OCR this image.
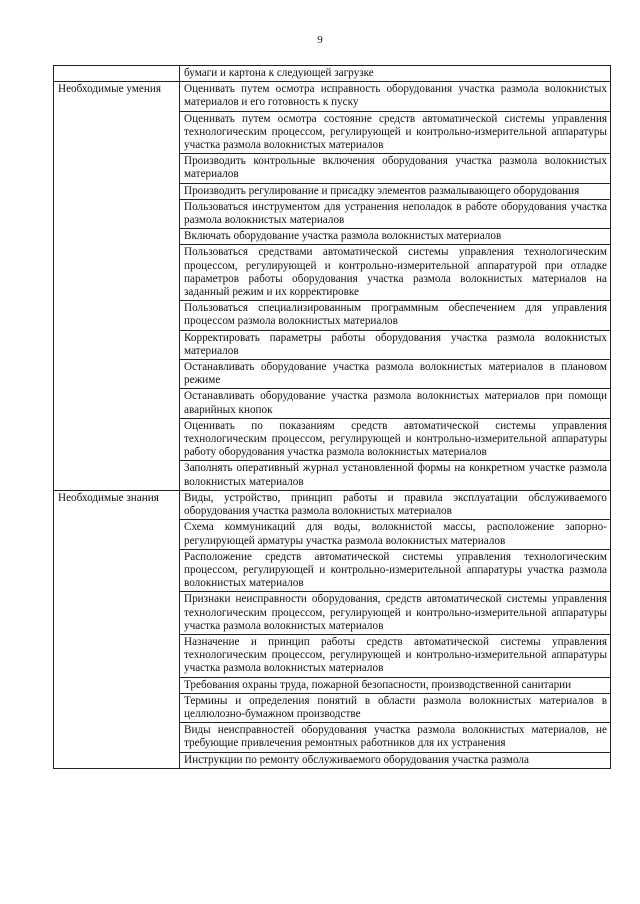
9
	бумаги и картона к следующей загрузке
Необходимые умения	Оценивать путем осмотра исправность оборудования участка размола волокнистых материалов и его готовность к пуску
	Оценивать путем осмотра состояние средств автоматической системы управления технологическим процессом, регулирующей и контрольно-измерительной аппаратуры участка размола волокнистых материалов
	Производить контрольные включения оборудования участка размола волокнистых материалов
	Производить регулирование и присадку элементов размалывающего оборудования
	Пользоваться инструментом для устранения неполадок в работе оборудования участка размола волокнистых материалов
	Включать оборудование участка размола волокнистых материалов
	Пользоваться средствами автоматической системы управления технологическим процессом, регулирующей и контрольно-измерительной аппаратурой при отладке параметров работы оборудования участка размола волокнистых материалов на заданный режим и их корректировке
	Пользоваться специализированным программным обеспечением для управления процессом размола волокнистых материалов
	Корректировать параметры работы оборудования участка размола волокнистых материалов
	Останавливать оборудование участка размола волокнистых материалов в плановом режиме
	Останавливать оборудование участка размола волокнистых материалов при помощи аварийных кнопок
	Оценивать по показаниям средств автоматической системы управления технологическим процессом, регулирующей и контрольно-измерительной аппаратуры работу оборудования участка размола волокнистых материалов
	Заполнять оперативный журнал установленной формы на конкретном участке размола волокнистых материалов
Необходимые знания	Виды, устройство, принцип работы и правила эксплуатации обслуживаемого оборудования участка размола волокнистых материалов
	Схема коммуникаций для воды, волокнистой массы, расположение запорно-регулирующей арматуры участка размола волокнистых материалов
	Расположение средств автоматической системы управления технологическим процессом, регулирующей и контрольно-измерительной аппаратуры участка размола волокнистых материалов
	Признаки неисправности оборудования, средств автоматической системы управления технологическим процессом, регулирующей и контрольно-измерительной аппаратуры участка размола волокнистых материалов
	Назначение и принцип работы средств автоматической системы управления технологическим процессом, регулирующей и контрольно-измерительной аппаратуры участка размола волокнистых материалов
	Требования охраны труда, пожарной безопасности, производственной санитарии
	Термины и определения понятий в области размола волокнистых материалов в целлюлозно-бумажном производстве
	Виды неисправностей оборудования участка размола волокнистых материалов, не требующие привлечения ремонтных работников для их устранения
	Инструкции по ремонту обслуживаемого оборудования участка размола
